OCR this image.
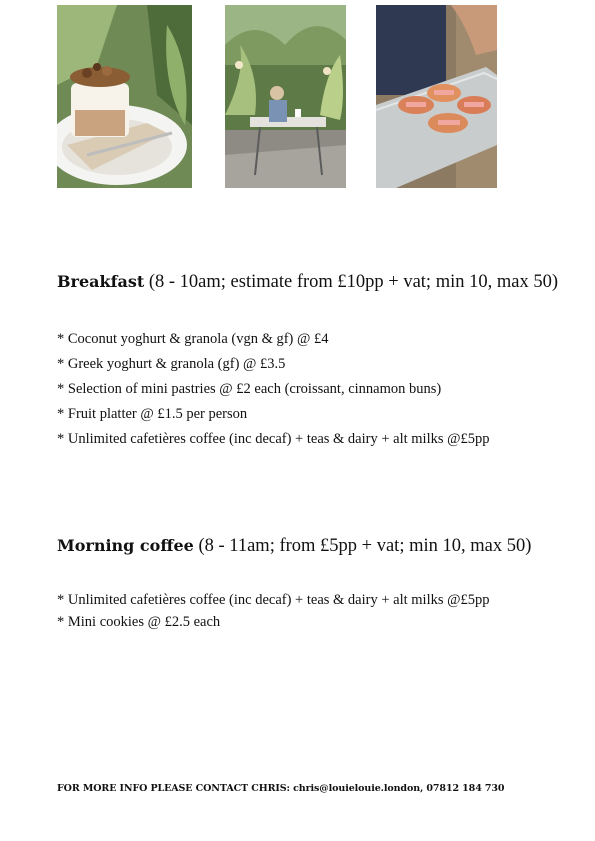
Breakfast (8 - 10am; estimate from £10pp + vat; min 10, max 50)
* Coconut yoghurt & granola (vgn & gf) @ £4
* Greek yoghurt & granola (gf) @ £3.5
* Selection of mini pastries @ £2 each (croissant, cinnamon buns)
* Fruit platter @ £1.5 per person
* Unlimited cafetières coffee (inc decaf) + teas & dairy + alt milks @£5pp
Morning coffee (8 - 11am; from £5pp + vat; min 10, max 50)
* Unlimited cafetières coffee (inc decaf) + teas & dairy + alt milks @£5pp
* Mini cookies @ £2.5 each

FOR MORE INFO PLEASE CONTACT CHRIS: chris@louielouie.london, 07812 184 730
